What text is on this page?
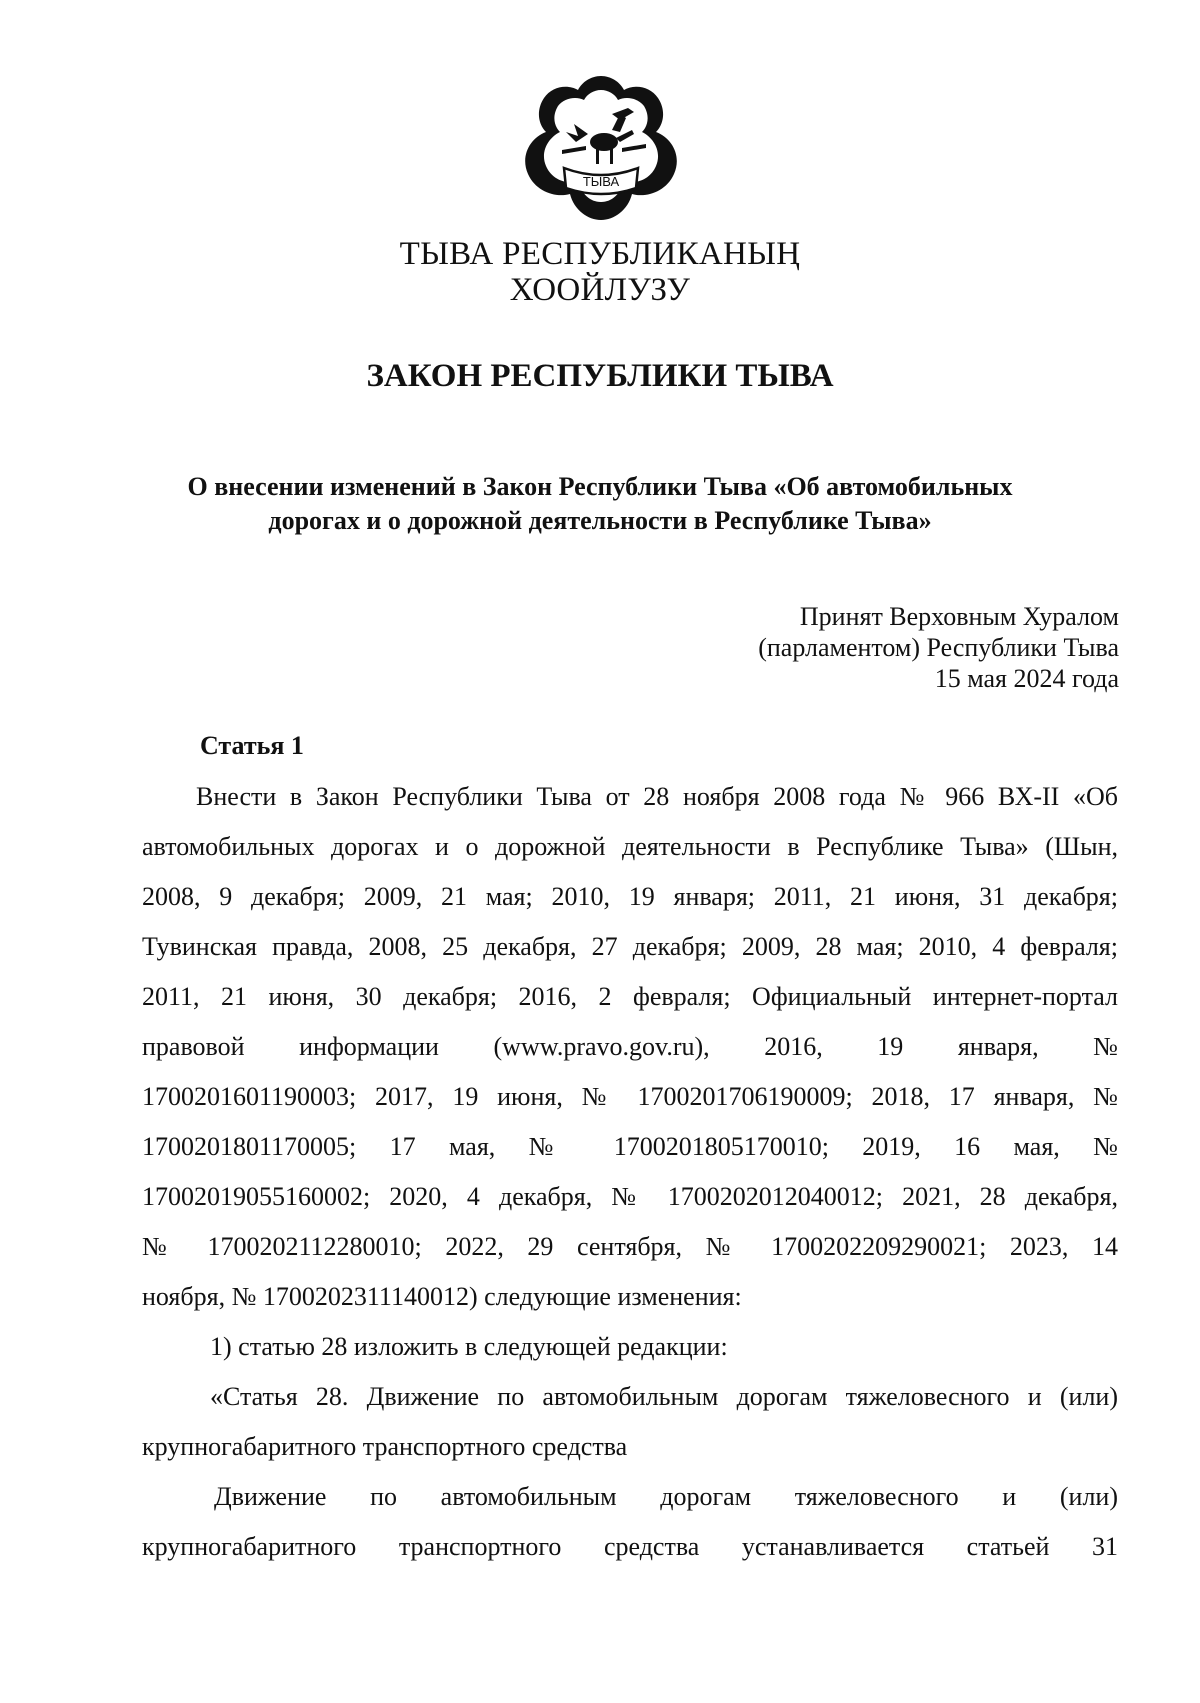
ТЫВА
ТЫВА РЕСПУБЛИКАНЫҢ
ХООЙЛУЗУ
ЗАКОН РЕСПУБЛИКИ ТЫВА
О внесении изменений в Закон Республики Тыва «Об автомобильных
дорогах и о дорожной деятельности в Республике Тыва»
Принят Верховным Хуралом
(парламентом) Республики Тыва
15 мая 2024 года
Статья 1
Внести в Закон Республики Тыва от 28 ноября 2008 года № 966 ВХ-II «Об
автомобильных дорогах и о дорожной деятельности в Республике Тыва» (Шын,
2008, 9 декабря; 2009, 21 мая; 2010, 19 января; 2011, 21 июня, 31 декабря;
Тувинская правда, 2008, 25 декабря, 27 декабря; 2009, 28 мая; 2010, 4 февраля;
2011, 21 июня, 30 декабря; 2016, 2 февраля; Официальный интернет-портал
правовой информации (www.pravo.gov.ru), 2016, 19 января, №
1700201601190003; 2017, 19 июня, № 1700201706190009; 2018, 17 января, №
1700201801170005; 17 мая, № 1700201805170010; 2019, 16 мая, №
17002019055160002; 2020, 4 декабря, № 1700202012040012; 2021, 28 декабря,
№ 1700202112280010; 2022, 29 сентября, № 1700202209290021; 2023, 14
ноября, № 1700202311140012) следующие изменения:
1) статью 28 изложить в следующей редакции:
«Статья 28. Движение по автомобильным дорогам тяжеловесного и (или)
крупногабаритного транспортного средства
Движение по автомобильным дорогам тяжеловесного и (или)
крупногабаритного транспортного средства устанавливается статьей 31
